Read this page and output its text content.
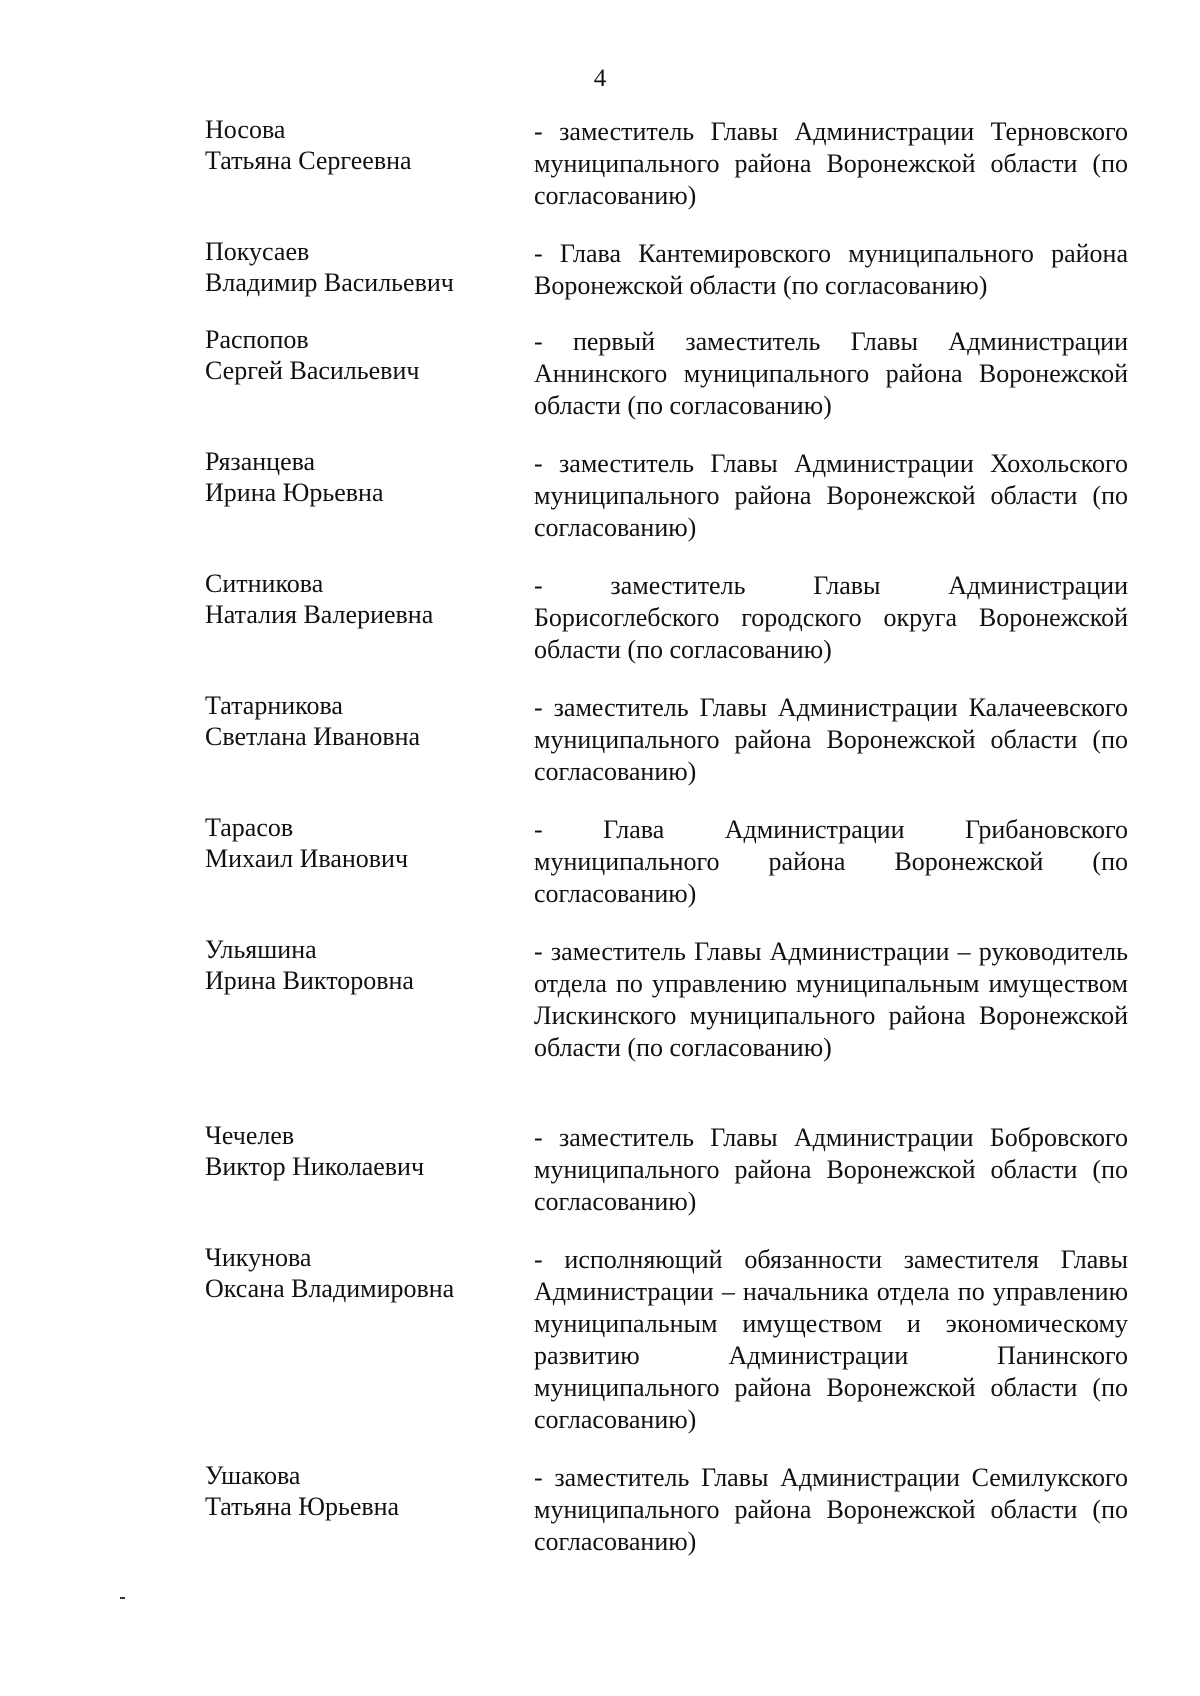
4
Носова
Татьяна Сергеевна
- заместитель Главы Администрации Терновского муниципального района Воронежской области (по согласованию)
Покусаев
Владимир Васильевич
- Глава Кантемировского муниципального района Воронежской области (по согласованию)
Распопов
Сергей Васильевич
- первый заместитель Главы Администрации Аннинского муниципального района Воронежской области (по согласованию)
Рязанцева
Ирина Юрьевна
- заместитель Главы Администрации Хохольского муниципального района Воронежской области (по согласованию)
Ситникова
Наталия Валериевна
- заместитель Главы Администрации Борисоглебского городского округа Воронежской области (по согласованию)
Татарникова
Светлана Ивановна
- заместитель Главы Администрации Калачеевского муниципального района Воронежской области (по согласованию)
Тарасов
Михаил Иванович
- Глава Администрации Грибановского муниципального района Воронежской (по согласованию)
Ульяшина
Ирина Викторовна
- заместитель Главы Администрации – руководитель отдела по управлению муниципальным имуществом Лискинского муниципального района Воронежской области (по согласованию)
Чечелев
Виктор Николаевич
- заместитель Главы Администрации Бобровского муниципального района Воронежской области (по согласованию)
Чикунова
Оксана Владимировна
- исполняющий обязанности заместителя Главы Администрации – начальника отдела по управлению муниципальным имуществом и экономическому развитию Администрации Панинского муниципального района Воронежской области (по согласованию)
Ушакова
Татьяна Юрьевна
- заместитель Главы Администрации Семилукского муниципального района Воронежской области (по согласованию)
